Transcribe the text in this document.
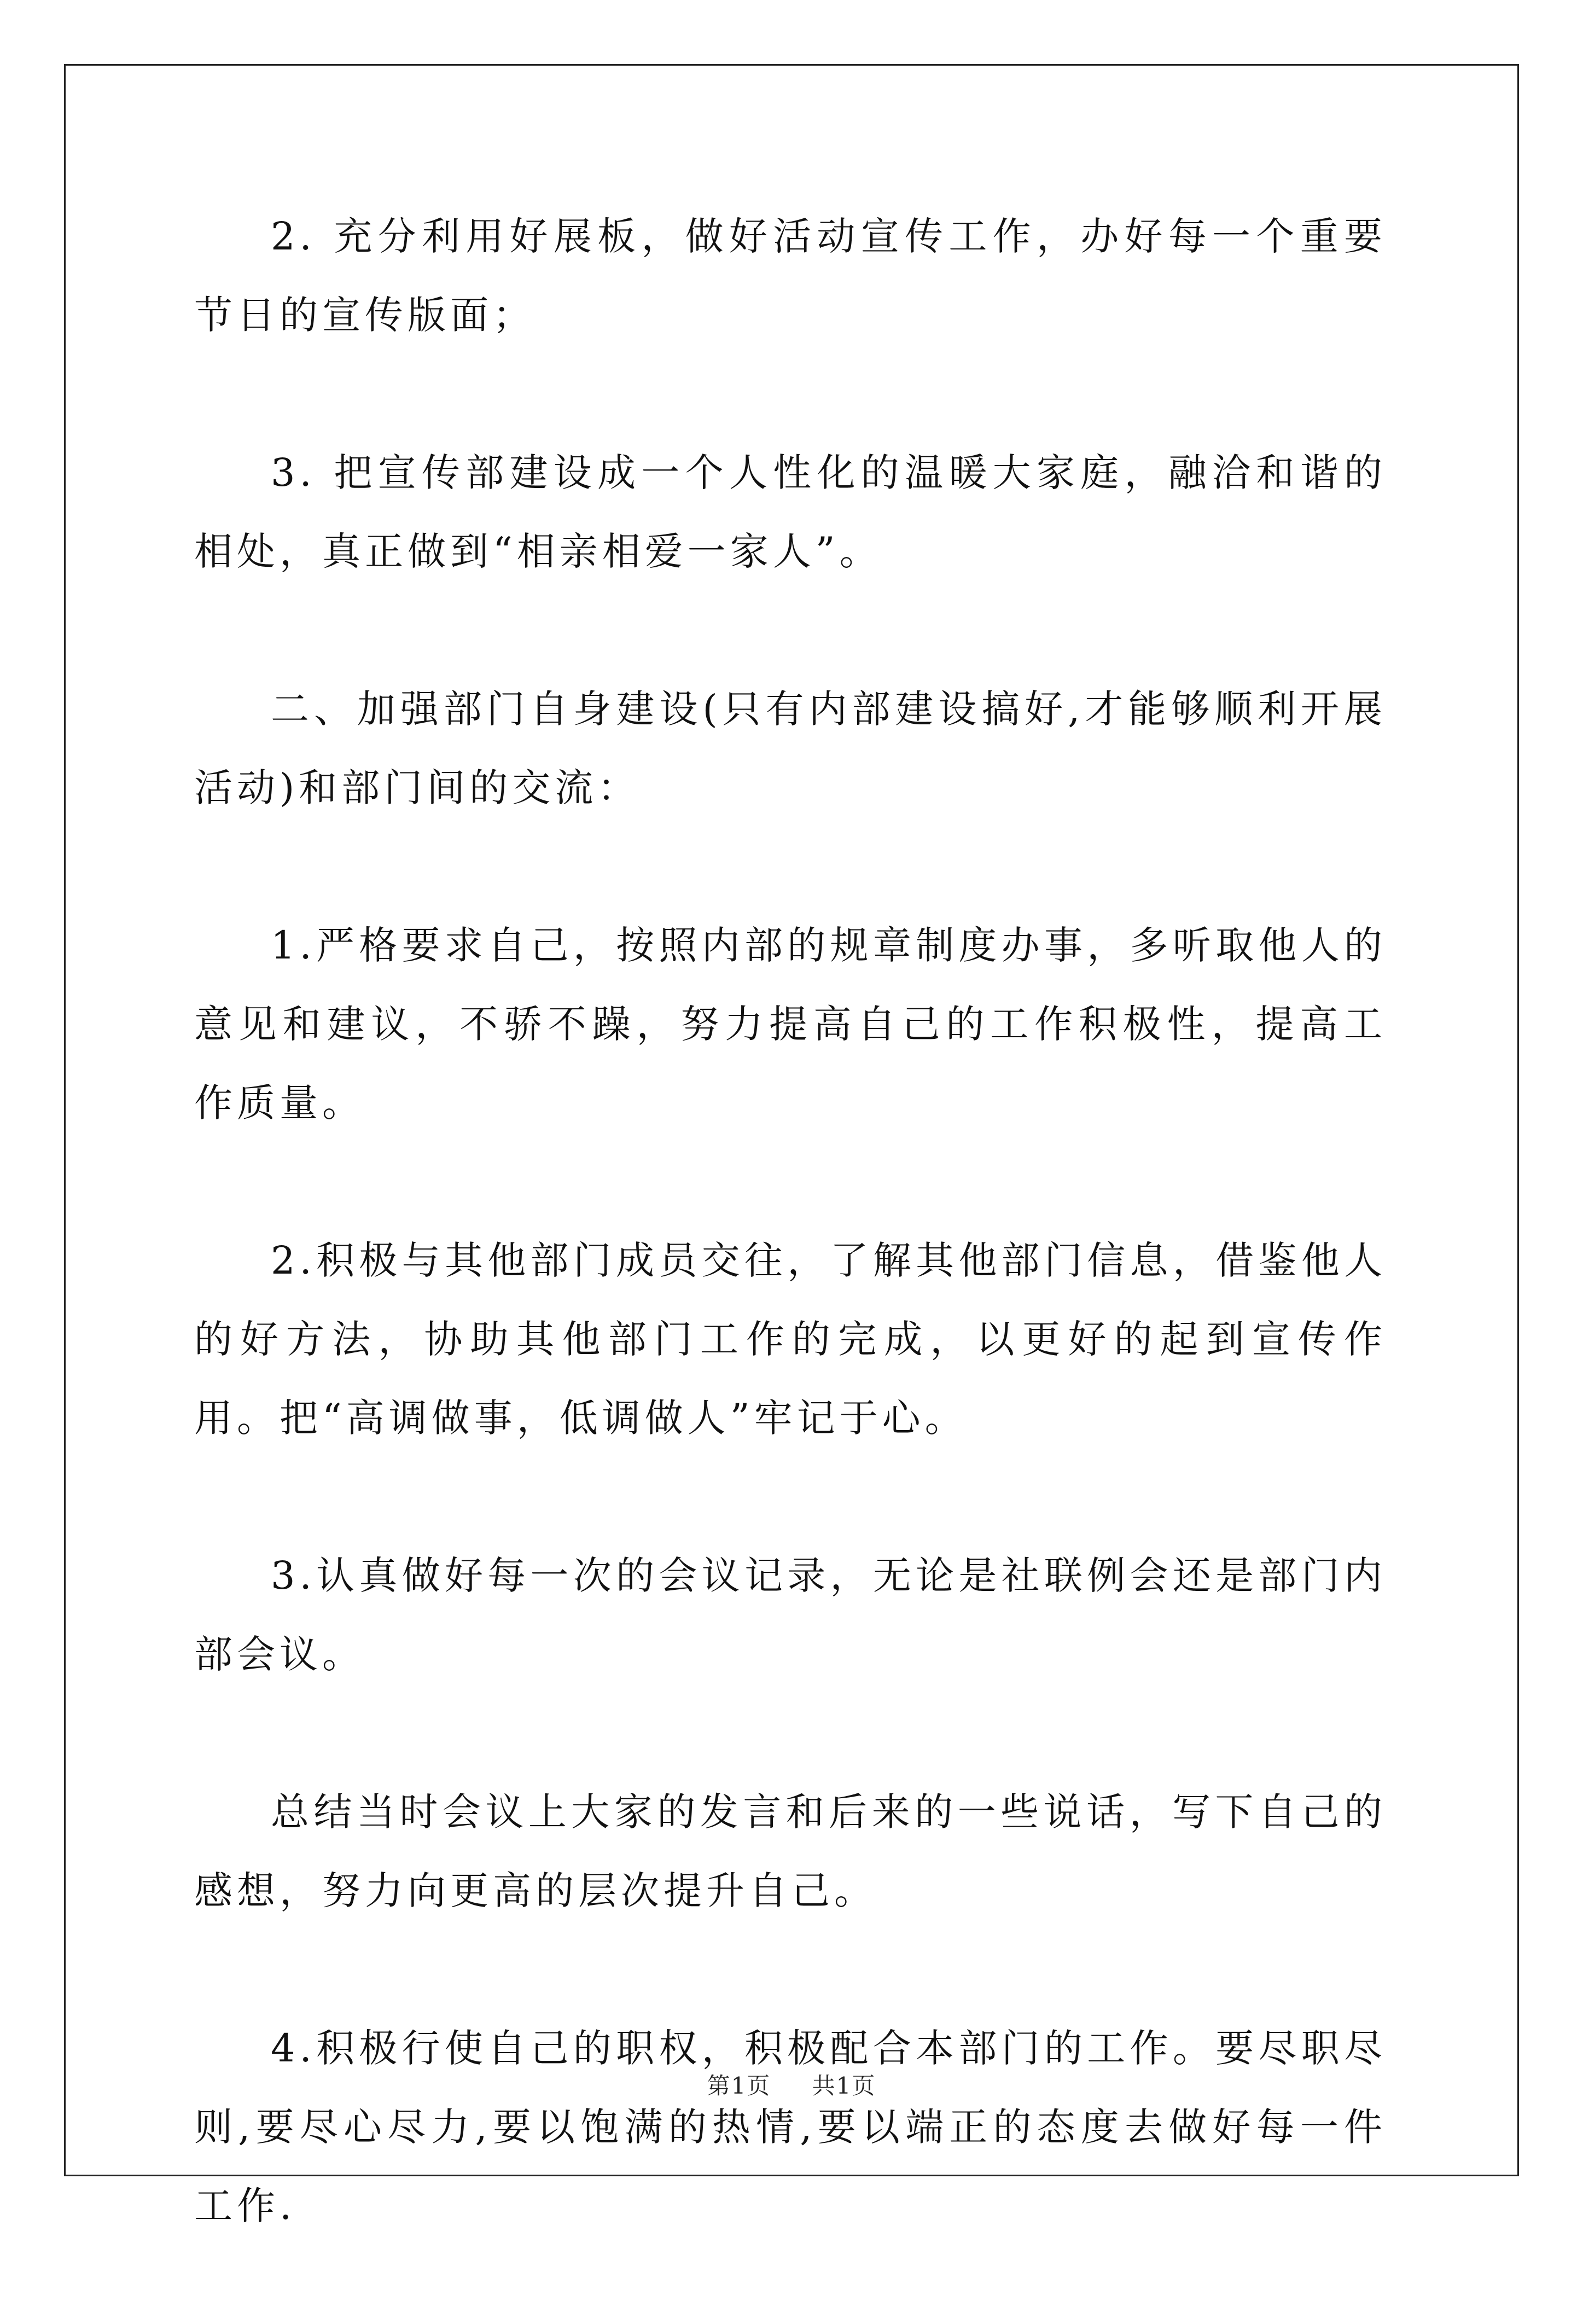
2. 充分利用好展板，做好活动宣传工作，办好每一个重要节日的宣传版面；

3. 把宣传部建设成一个人性化的温暖大家庭，融洽和谐的相处，真正做到“相亲相爱一家人”。

二、加强部门自身建设(只有内部建设搞好,才能够顺利开展活动)和部门间的交流：

1.严格要求自己，按照内部的规章制度办事，多听取他人的意见和建议，不骄不躁，努力提高自己的工作积极性，提高工作质量。

2.积极与其他部门成员交往，了解其他部门信息，借鉴他人的好方法，协助其他部门工作的完成，以更好的起到宣传作用。把“高调做事，低调做人”牢记于心。

3.认真做好每一次的会议记录，无论是社联例会还是部门内部会议。

总结当时会议上大家的发言和后来的一些说话，写下自己的感想，努力向更高的层次提升自己。

4.积极行使自己的职权，积极配合本部门的工作。要尽职尽则,要尽心尽力,要以饱满的热情,要以端正的态度去做好每一件工作.

第1页 共1页
